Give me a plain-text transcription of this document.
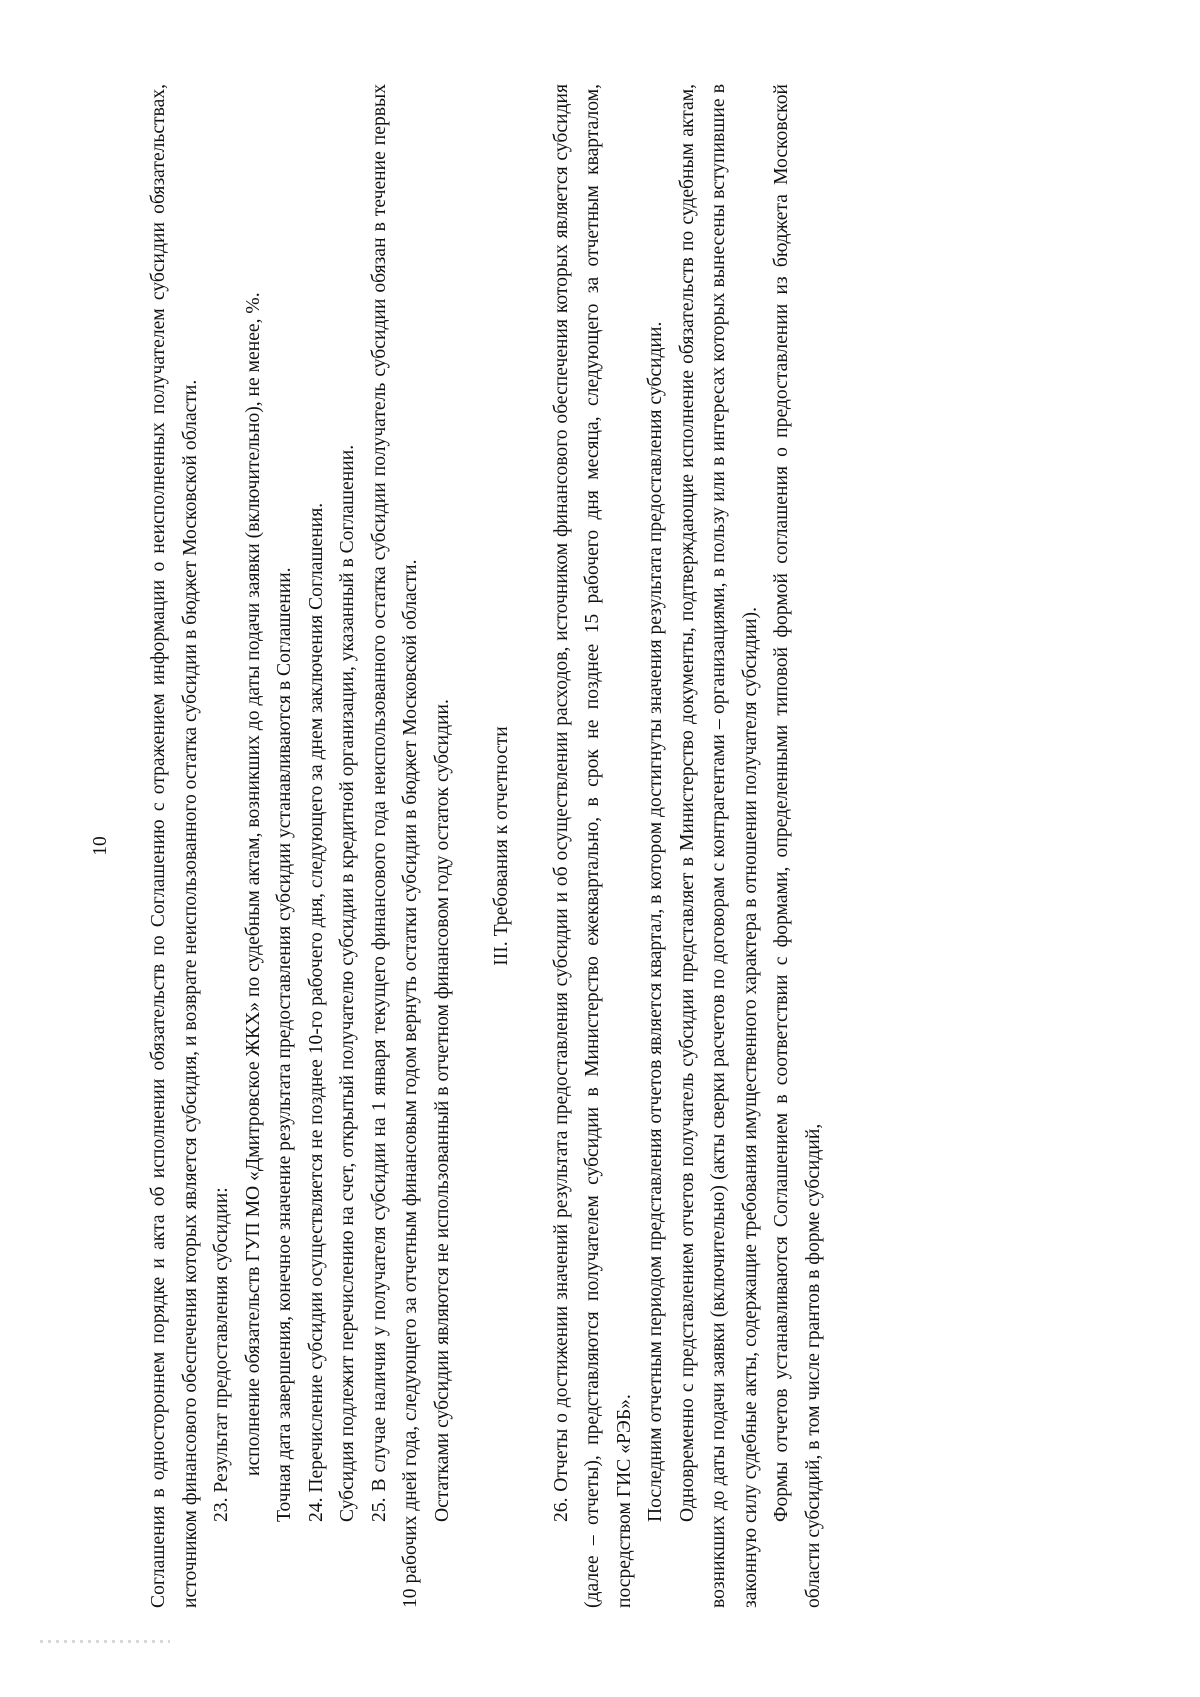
10 Соглашения в одностороннем порядке и акта об исполнении обязательств по Соглашению с отражением информации о неисполненных получателем субсидии обязательствах, источником финансового обеспечения которых является субсидия, и возврате неиспользованного остатка субсидии в бюджет Московской области. 23. Результат предоставления субсидии: исполнение обязательств ГУП МО «Дмитровское ЖКХ» по судебным актам, возникших до даты подачи заявки (включительно), не менее, %. Точная дата завершения, конечное значение результата предоставления субсидии устанавливаются в Соглашении. 24. Перечисление субсидии осуществляется не позднее 10-го рабочего дня, следующего за днем заключения Соглашения. Субсидия подлежит перечислению на счет, открытый получателю субсидии в кредитной организации, указанный в Соглашении. 25. В случае наличия у получателя субсидии на 1 января текущего финансового года неиспользованного остатка субсидии получатель субсидии обязан в течение первых 10 рабочих дней года, следующего за отчетным финансовым годом вернуть остатки субсидии в бюджет Московской области. Остатками субсидии являются не использованный в отчетном финансовом году остаток субсидии. III. Требования к отчетности 26. Отчеты о достижении значений результата предоставления субсидии и об осуществлении расходов, источником финансового обеспечения которых является субсидия (далее – отчеты), представляются получателем субсидии в Министерство ежеквартально, в срок не позднее 15 рабочего дня месяца, следующего за отчетным кварталом, посредством ГИС «РЭБ». Последним отчетным периодом представления отчетов является квартал, в котором достигнуты значения результата предоставления субсидии. Одновременно с представлением отчетов получатель субсидии представляет в Министерство документы, подтверждающие исполнение обязательств по судебным актам, возникших до даты подачи заявки (включительно) (акты сверки расчетов по договорам с контрагентами – организациями, в пользу или в интересах которых вынесены вступившие в законную силу судебные акты, содержащие требования имущественного характера в отношении получателя субсидии). Формы отчетов устанавливаются Соглашением в соответствии с формами, определенными типовой формой соглашения о предоставлении из бюджета Московской области субсидий, в том числе грантов в форме субсидий,
